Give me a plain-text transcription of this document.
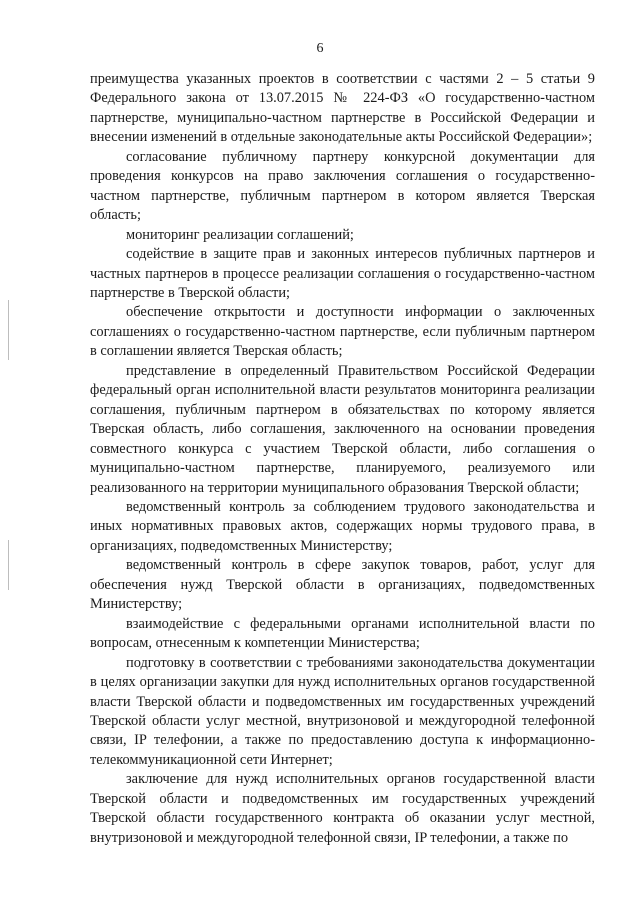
6

преимущества указанных проектов в соответствии с частями 2 – 5 статьи 9 Федерального закона от 13.07.2015 № 224-ФЗ «О государственно-частном партнерстве, муниципально-частном партнерстве в Российской Федерации и внесении изменений в отдельные законодательные акты Российской Федерации»;

согласование публичному партнеру конкурсной документации для проведения конкурсов на право заключения соглашения о государственно-частном партнерстве, публичным партнером в котором является Тверская область;

мониторинг реализации соглашений;

содействие в защите прав и законных интересов публичных партнеров и частных партнеров в процессе реализации соглашения о государственно-частном партнерстве в Тверской области;

обеспечение открытости и доступности информации о заключенных соглашениях о государственно-частном партнерстве, если публичным партнером в соглашении является Тверская область;

представление в определенный Правительством Российской Федерации федеральный орган исполнительной власти результатов мониторинга реализации соглашения, публичным партнером в обязательствах по которому является Тверская область, либо соглашения, заключенного на основании проведения совместного конкурса с участием Тверской области, либо соглашения о муниципально-частном партнерстве, планируемого, реализуемого или реализованного на территории муниципального образования Тверской области;

ведомственный контроль за соблюдением трудового законодательства и иных нормативных правовых актов, содержащих нормы трудового права, в организациях, подведомственных Министерству;

ведомственный контроль в сфере закупок товаров, работ, услуг для обеспечения нужд Тверской области в организациях, подведомственных Министерству;

взаимодействие с федеральными органами исполнительной власти по вопросам, отнесенным к компетенции Министерства;

подготовку в соответствии с требованиями законодательства документации в целях организации закупки для нужд исполнительных органов государственной власти Тверской области и подведомственных им государственных учреждений Тверской области услуг местной, внутризоновой и междугородной телефонной связи, IP телефонии, а также по предоставлению доступа к информационно-телекоммуникационной сети Интернет;

заключение для нужд исполнительных органов государственной власти Тверской области и подведомственных им государственных учреждений Тверской области государственного контракта об оказании услуг местной, внутризоновой и междугородной телефонной связи, IP телефонии, а также по
